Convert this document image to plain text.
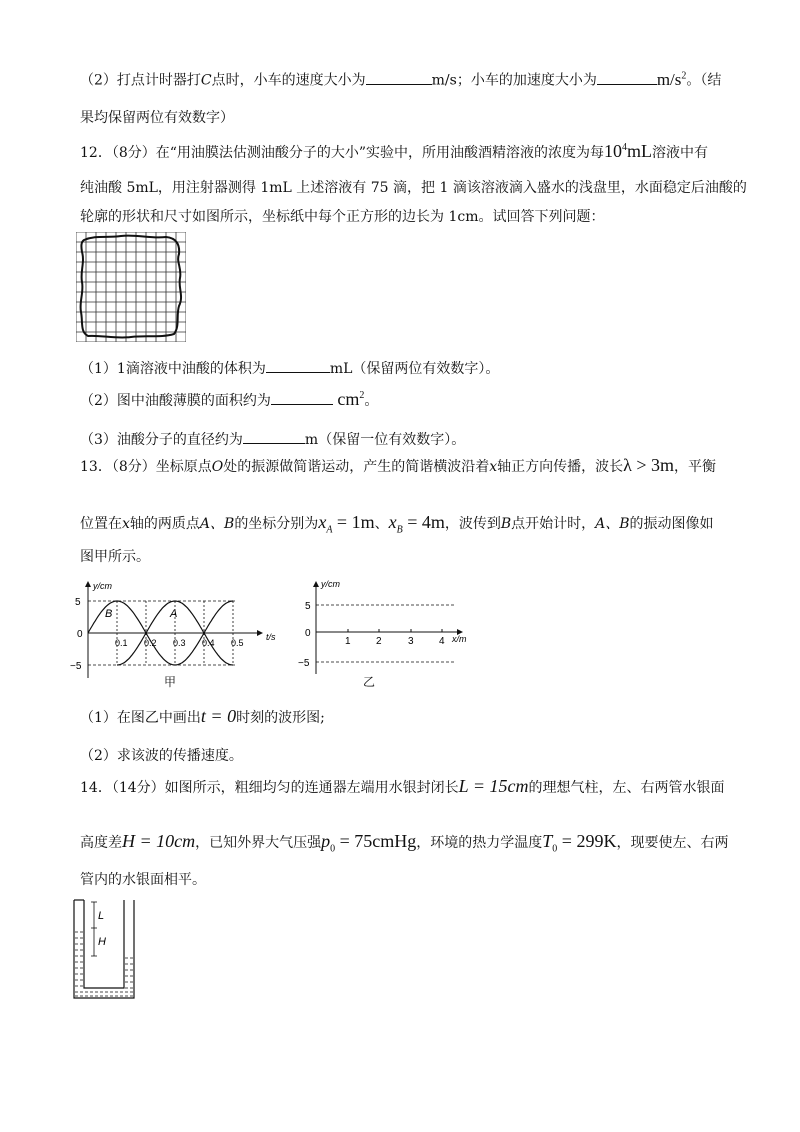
（2）打点计时器打C点时，小车的速度大小为	m/s；小车的加速度大小为	$m/s^2$。（结
果均保留两位有效数字）
12．（8分）在“用油膜法估测油酸分子的大小”实验中，所用油酸酒精溶液的浓度为每$10^4mL$溶液中有
纯油酸 5mL，用注射器测得 1mL 上述溶液有 75 滴，把 1 滴该溶液滴入盛水的浅盘里，水面稳定后油酸的
轮廓的形状和尺寸如图所示，坐标纸中每个正方形的边长为 1cm。试回答下列问题：
（1）1滴溶液中油酸的体积为	mL（保留两位有效数字）。
（2）图中油酸薄膜的面积约为	$cm^2$。
（3）油酸分子的直径约为	m（保留一位有效数字）。
13．（8分）坐标原点O处的振源做简谐运动，产生的简谐横波沿着x轴正方向传播，波长λ > 3m，平衡
位置在x轴的两质点A、B的坐标分别为$x_A = 1m$、$x_B = 4m$，波传到B点开始计时，A、B的振动图像如
图甲所示。
y/cm
t/s
5
0
−5
0.1 0.2 0.3 0.4 0.5
B	A
甲
y/cm
x/m
5
0
−5
1	2	3	4
乙
（1）在图乙中画出t = 0时刻的波形图;
（2）求该波的传播速度。
14．（14分）如图所示，粗细均匀的连通器左端用水银封闭长L = 15cm的理想气柱，左、右两管水银面
高度差H = 10cm，已知外界大气压强$p_0$ = 75cmHg，环境的热力学温度$T_0 = 299K$，现要使左、右两
管内的水银面相平。
L
H
